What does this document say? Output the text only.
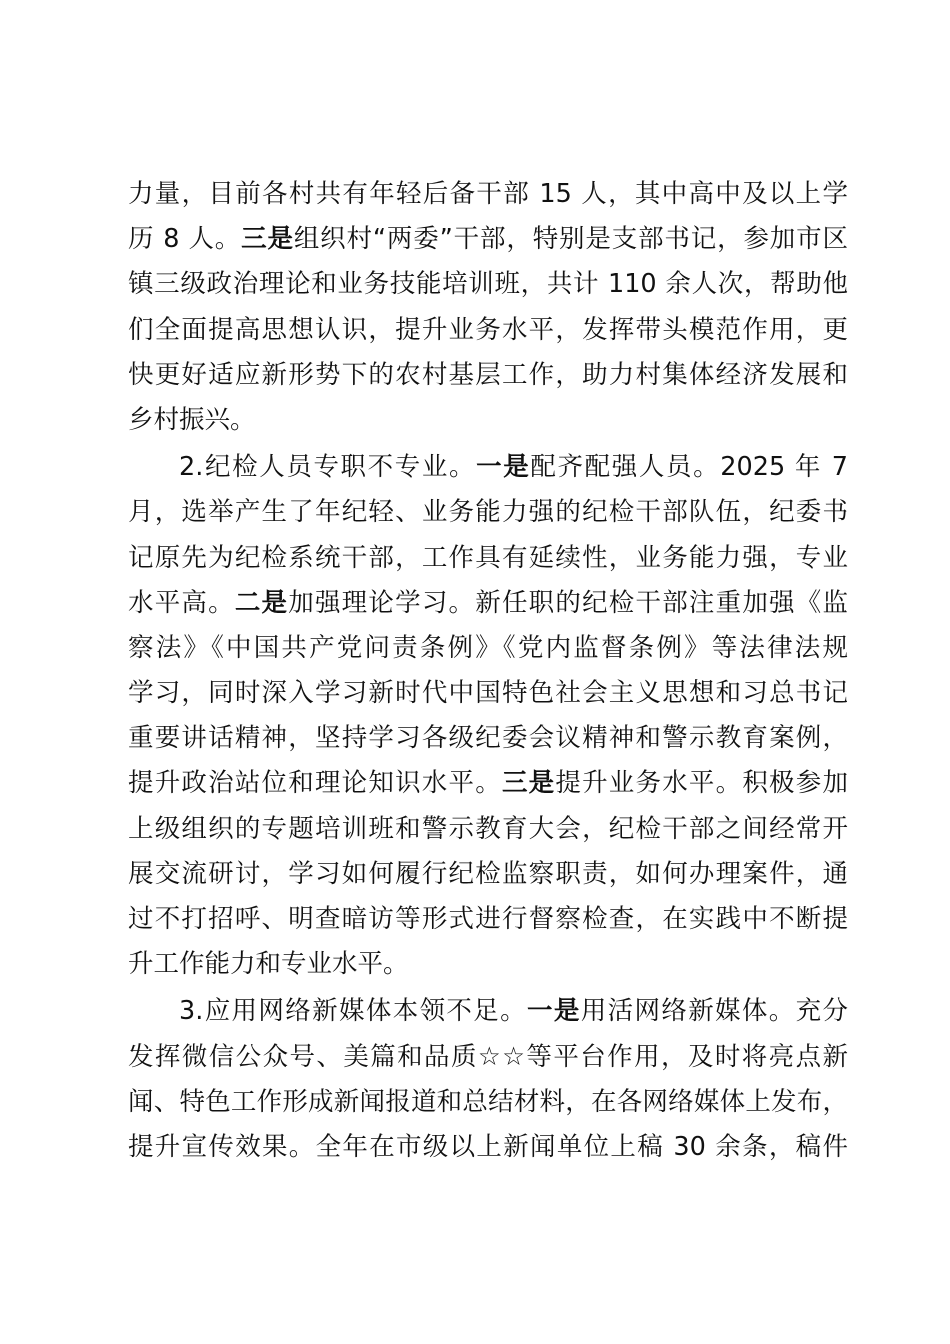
力量，目前各村共有年轻后备干部 15 人，其中高中及以上学
历 8 人。三是组织村“两委”干部，特别是支部书记，参加市区
镇三级政治理论和业务技能培训班，共计 110 余人次，帮助他
们全面提高思想认识，提升业务水平，发挥带头模范作用，更
快更好适应新形势下的农村基层工作，助力村集体经济发展和
乡村振兴。
2.纪检人员专职不专业。一是配齐配强人员。2025 年 7
月，选举产生了年纪轻、业务能力强的纪检干部队伍，纪委书
记原先为纪检系统干部，工作具有延续性，业务能力强，专业
水平高。二是加强理论学习。新任职的纪检干部注重加强《监
察法》《中国共产党问责条例》《党内监督条例》等法律法规
学习，同时深入学习新时代中国特色社会主义思想和习总书记
重要讲话精神，坚持学习各级纪委会议精神和警示教育案例，
提升政治站位和理论知识水平。三是提升业务水平。积极参加
上级组织的专题培训班和警示教育大会，纪检干部之间经常开
展交流研讨，学习如何履行纪检监察职责，如何办理案件，通
过不打招呼、明查暗访等形式进行督察检查，在实践中不断提
升工作能力和专业水平。
3.应用网络新媒体本领不足。一是用活网络新媒体。充分
发挥微信公众号、美篇和品质☆☆等平台作用，及时将亮点新
闻、特色工作形成新闻报道和总结材料，在各网络媒体上发布，
提升宣传效果。全年在市级以上新闻单位上稿 30 余条，稿件
